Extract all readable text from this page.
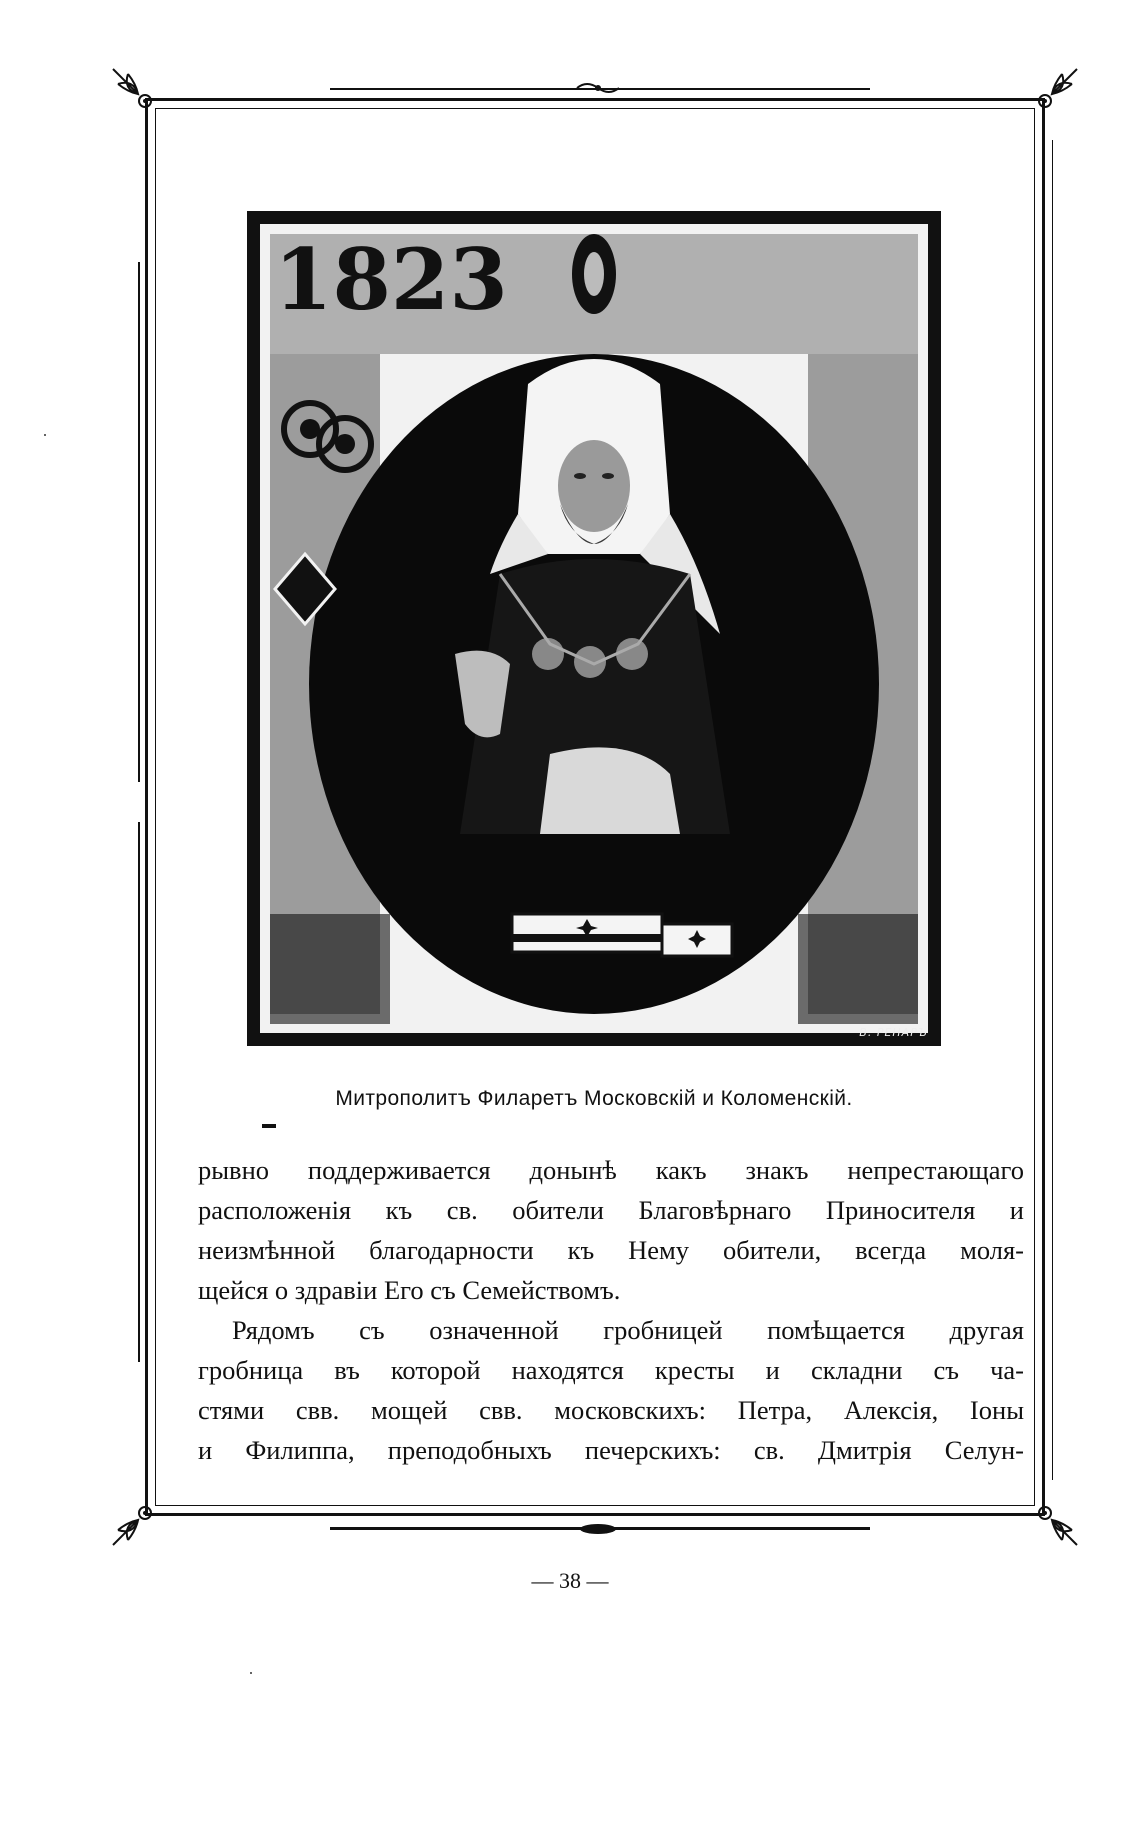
1823
В. РЕНАРЪ
Митрополитъ Филаретъ Московскій и Коломенскій.
рывно поддерживается донынѣ какъ знакъ непрестающаго
расположенія къ св. обители Благовѣрнаго Приносителя и
неизмѣнной благодарности къ Нему обители, всегда моля-
щейся о здравіи Его съ Семействомъ.
Рядомъ съ означенной гробницей помѣщается другая
гробница въ которой находятся кресты и складни съ ча-
стями свв. мощей свв. московскихъ: Петра, Алексія, Іоны
и Филиппа, преподобныхъ печерскихъ: св. Дмитрія Селун-
— 38 —
